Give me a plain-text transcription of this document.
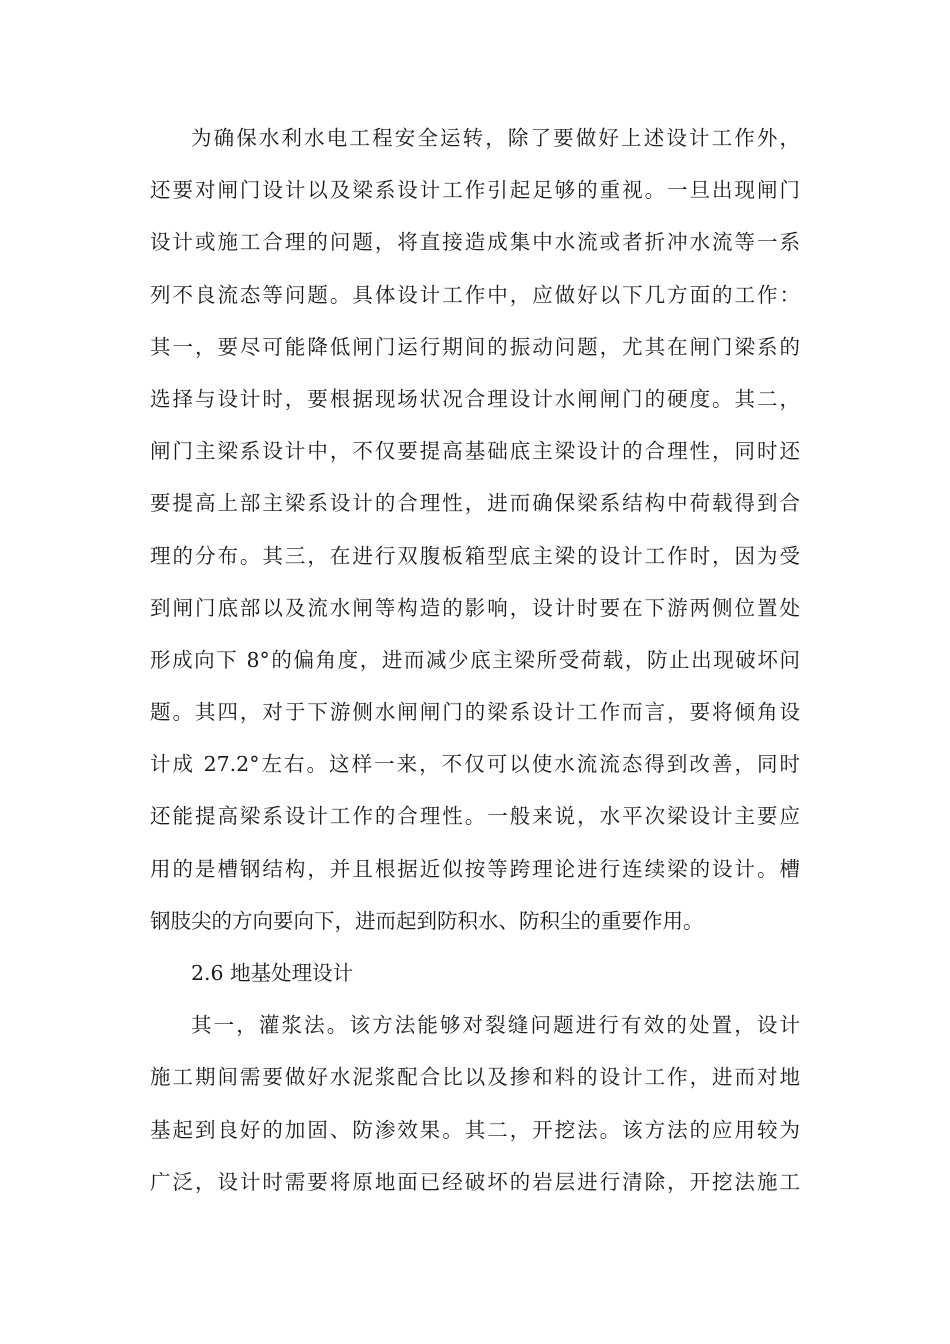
为确保水利水电工程安全运转，除了要做好上述设计工作外，
还要对闸门设计以及梁系设计工作引起足够的重视。一旦出现闸门
设计或施工合理的问题，将直接造成集中水流或者折冲水流等一系
列不良流态等问题。具体设计工作中，应做好以下几方面的工作：
其一，要尽可能降低闸门运行期间的振动问题，尤其在闸门梁系的
选择与设计时，要根据现场状况合理设计水闸闸门的硬度。其二，
闸门主梁系设计中，不仅要提高基础底主梁设计的合理性，同时还
要提高上部主梁系设计的合理性，进而确保梁系结构中荷载得到合
理的分布。其三，在进行双腹板箱型底主梁的设计工作时，因为受
到闸门底部以及流水闸等构造的影响，设计时要在下游两侧位置处
形成向下 8°的偏角度，进而减少底主梁所受荷载，防止出现破坏问
题。其四，对于下游侧水闸闸门的梁系设计工作而言，要将倾角设
计成 27.2°左右。这样一来，不仅可以使水流流态得到改善，同时
还能提高梁系设计工作的合理性。一般来说，水平次梁设计主要应
用的是槽钢结构，并且根据近似按等跨理论进行连续梁的设计。槽
钢肢尖的方向要向下，进而起到防积水、防积尘的重要作用。
2.6 地基处理设计
其一，灌浆法。该方法能够对裂缝问题进行有效的处置，设计
施工期间需要做好水泥浆配合比以及掺和料的设计工作，进而对地
基起到良好的加固、防渗效果。其二，开挖法。该方法的应用较为
广泛，设计时需要将原地面已经破坏的岩层进行清除，开挖法施工
